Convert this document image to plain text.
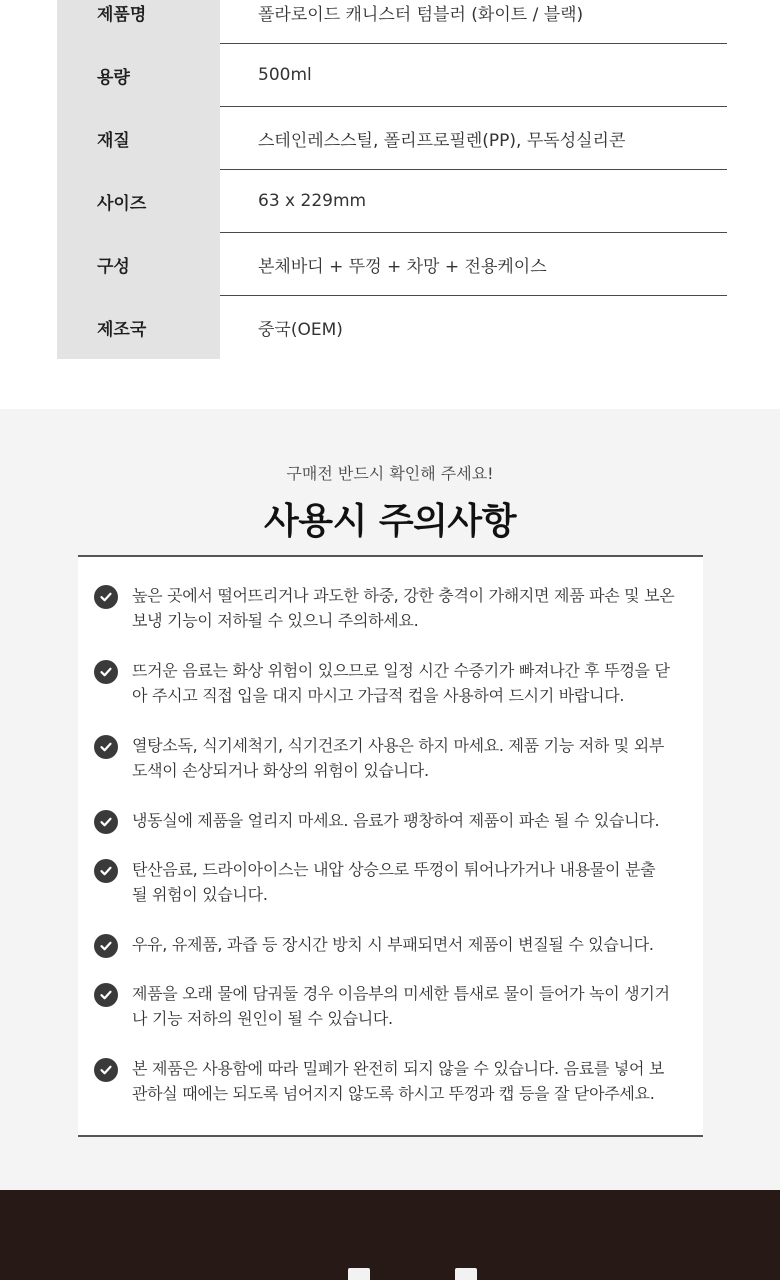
제품명	폴라로이드 캐니스터 텀블러 (화이트 / 블랙)
용량	500ml
재질	스테인레스스틸, 폴리프로필렌(PP), 무독성실리콘
사이즈	63 x 229mm
구성	본체바디 + 뚜껑 + 차망 + 전용케이스
제조국	중국(OEM)
구매전 반드시 확인해 주세요!
사용시 주의사항
높은 곳에서 떨어뜨리거나 과도한 하중, 강한 충격이 가해지면 제품 파손 및 보온
보냉 기능이 저하될 수 있으니 주의하세요.
뜨거운 음료는 화상 위험이 있으므로 일정 시간 수증기가 빠져나간 후 뚜껑을 닫
아 주시고 직접 입을 대지 마시고 가급적 컵을 사용하여 드시기 바랍니다.
열탕소독, 식기세척기, 식기건조기 사용은 하지 마세요. 제품 기능 저하 및 외부
도색이 손상되거나 화상의 위험이 있습니다.
냉동실에 제품을 얼리지 마세요. 음료가 팽창하여 제품이 파손 될 수 있습니다.
탄산음료, 드라이아이스는 내압 상승으로 뚜껑이 튀어나가거나 내용물이 분출
될 위험이 있습니다.
우유, 유제품, 과즙 등 장시간 방치 시 부패되면서 제품이 변질될 수 있습니다.
제품을 오래 물에 담궈둘 경우 이음부의 미세한 틈새로 물이 들어가 녹이 생기거
나 기능 저하의 원인이 될 수 있습니다.
본 제품은 사용함에 따라 밀폐가 완전히 되지 않을 수 있습니다. 음료를 넣어 보
관하실 때에는 되도록 넘어지지 않도록 하시고 뚜껑과 캡 등을 잘 닫아주세요.
